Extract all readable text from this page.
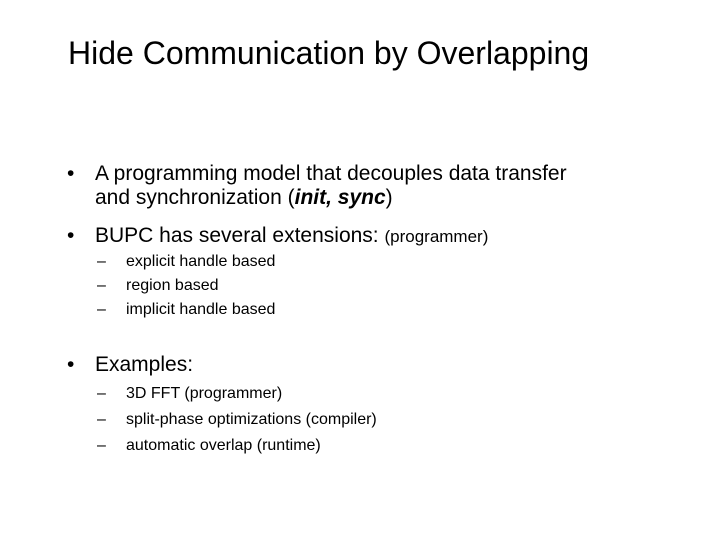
Hide Communication by Overlapping
• A programming model that decouples data transfer
and synchronization (init, sync)
• BUPC has several extensions: (programmer)
– explicit handle based
– region based
– implicit handle based
• Examples:
– 3D FFT (programmer)
– split-phase optimizations (compiler)
– automatic overlap (runtime)
